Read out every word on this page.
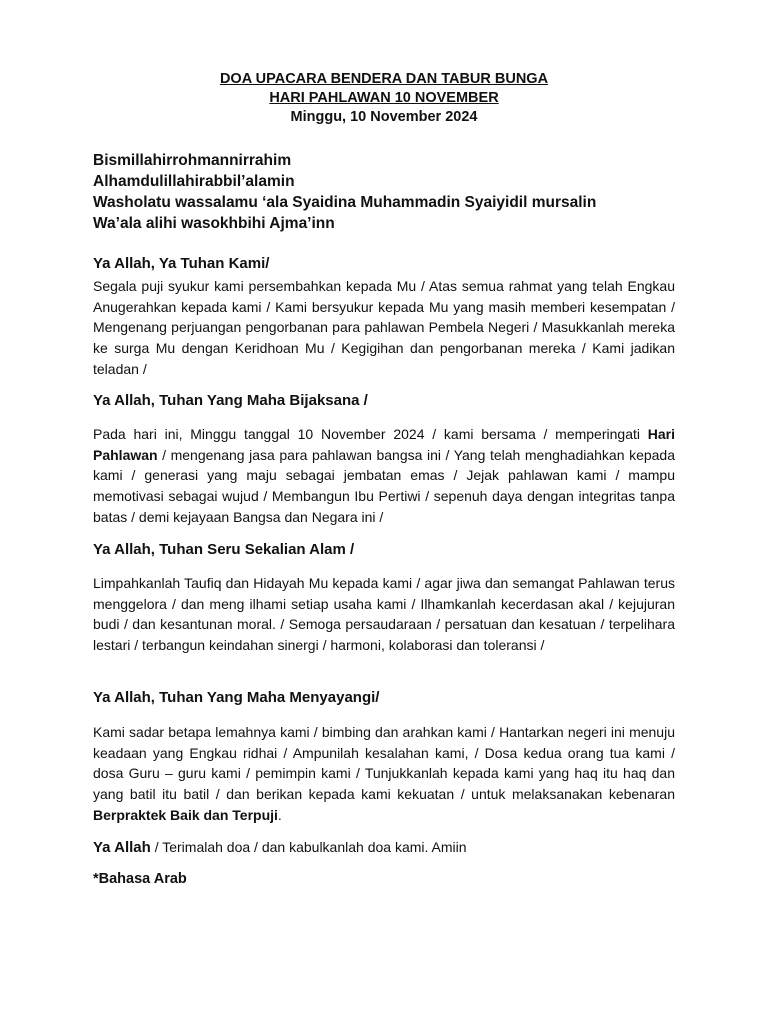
DOA UPACARA BENDERA DAN TABUR BUNGA
HARI PAHLAWAN 10 NOVEMBER
Minggu, 10 November 2024
Bismillahirrohmannirrahim
Alhamdulillahirabbil’alamin
Washolatu wassalamu ‘ala Syaidina Muhammadin Syaiyidil mursalin
Wa’ala alihi wasokhbihi Ajma’inn
Ya Allah, Ya Tuhan Kami/
Segala puji syukur kami persembahkan kepada Mu / Atas semua rahmat yang telah Engkau Anugerahkan kepada kami / Kami bersyukur kepada Mu yang masih memberi kesempatan / Mengenang perjuangan pengorbanan para pahlawan Pembela Negeri / Masukkanlah mereka ke surga Mu dengan Keridhoan Mu / Kegigihan dan pengorbanan mereka / Kami jadikan teladan /
Ya Allah, Tuhan Yang Maha Bijaksana /
Pada hari ini, Minggu tanggal 10 November 2024 / kami bersama / memperingati Hari Pahlawan / mengenang jasa para pahlawan bangsa ini / Yang telah menghadiahkan kepada kami / generasi yang maju sebagai jembatan emas / Jejak pahlawan kami / mampu memotivasi sebagai wujud / Membangun Ibu Pertiwi / sepenuh daya dengan integritas tanpa batas / demi kejayaan Bangsa dan Negara ini /
Ya Allah, Tuhan Seru Sekalian Alam /
Limpahkanlah Taufiq dan Hidayah Mu kepada kami / agar jiwa dan semangat Pahlawan terus menggelora / dan meng ilhami setiap usaha kami / Ilhamkanlah kecerdasan akal / kejujuran budi / dan kesantunan moral. / Semoga persaudaraan / persatuan dan kesatuan / terpelihara lestari / terbangun keindahan sinergi / harmoni, kolaborasi dan toleransi /
Ya Allah, Tuhan Yang Maha Menyayangi/
Kami sadar betapa lemahnya kami / bimbing dan arahkan kami / Hantarkan negeri ini menuju keadaan yang Engkau ridhai / Ampunilah kesalahan kami, / Dosa kedua orang tua kami / dosa Guru – guru kami / pemimpin kami / Tunjukkanlah kepada kami yang haq itu haq dan yang batil itu batil / dan berikan kepada kami kekuatan / untuk melaksanakan kebenaran Berpraktek Baik dan Terpuji.
Ya Allah / Terimalah doa / dan kabulkanlah doa kami. Amiin
*Bahasa Arab
